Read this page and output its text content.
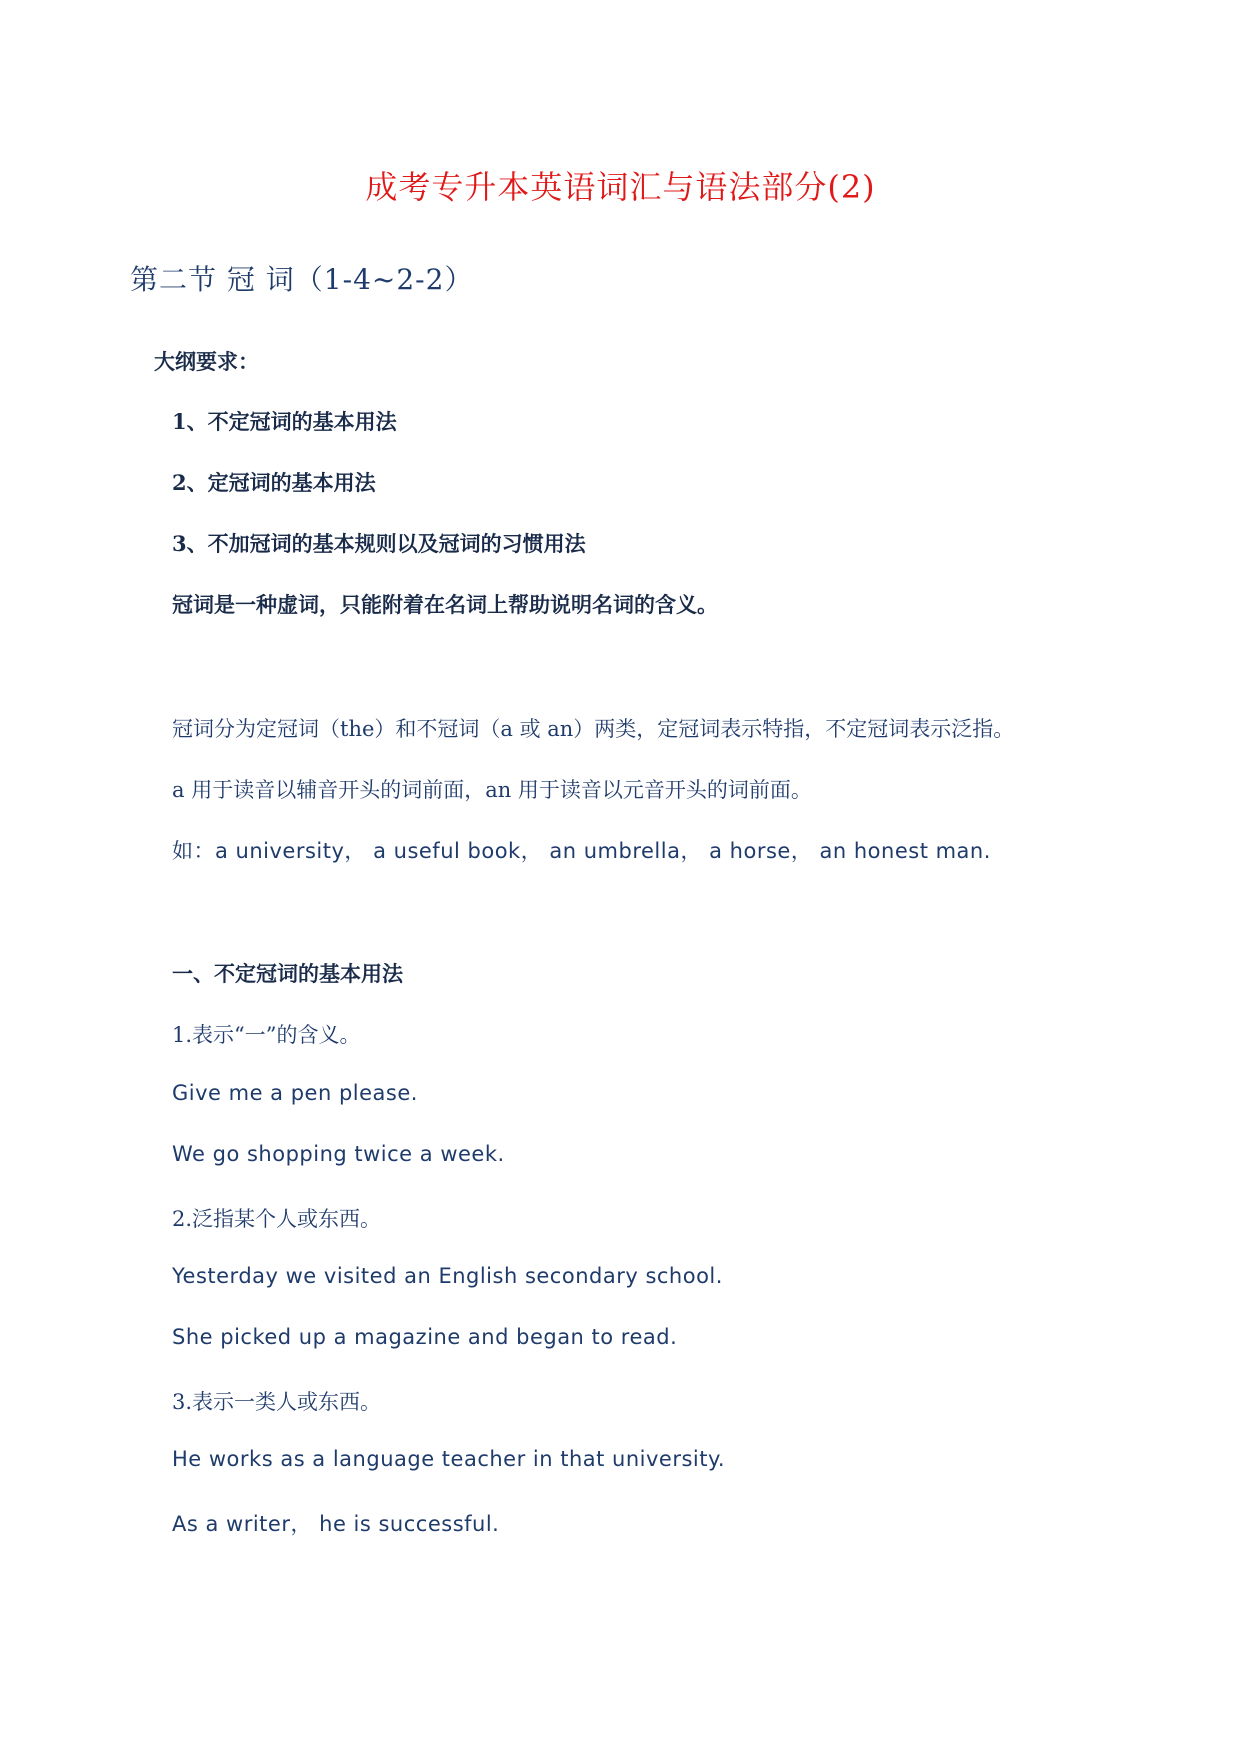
成考专升本英语词汇与语法部分(2)
第二节 冠 词（1-4~2-2）
大纲要求：
1、不定冠词的基本用法
2、定冠词的基本用法
3、不加冠词的基本规则以及冠词的习惯用法
冠词是一种虚词，只能附着在名词上帮助说明名词的含义。
冠词分为定冠词（the）和不冠词（a 或 an）两类，定冠词表示特指，不定冠词表示泛指。
a 用于读音以辅音开头的词前面，an 用于读音以元音开头的词前面。
如：a university， a useful book， an umbrella， a horse， an honest man.
一、不定冠词的基本用法
1.表示“一”的含义。
Give me a pen please.
We go shopping twice a week.
2.泛指某个人或东西。
Yesterday we visited an English secondary school.
She picked up a magazine and began to read.
3.表示一类人或东西。
He works as a language teacher in that university.
As a writer， he is successful.
